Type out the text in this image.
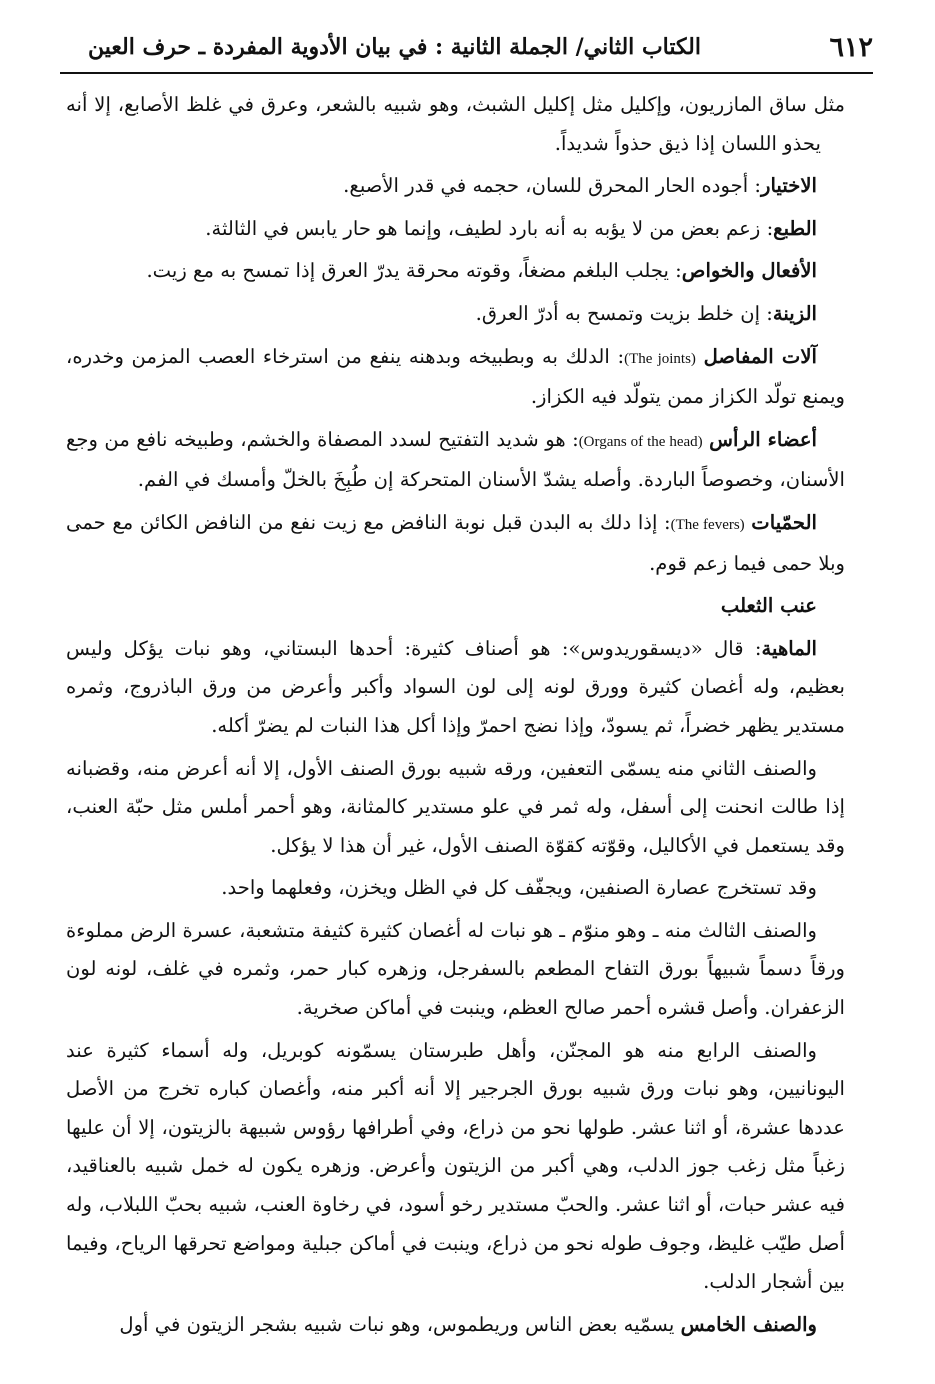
٦١٢
الكتاب الثاني/ الجملة الثانية : في بيان الأدوية المفردة ـ حرف العين

مثل ساق المازريون، وإكليل مثل إكليل الشبث، وهو شبيه بالشعر، وعرق في غلظ الأصابع، إلا أنه يحذو اللسان إذا ذيق حذواً شديداً.

الاختيار: أجوده الحار المحرق للسان، حجمه في قدر الأصبع.

الطبع: زعم بعض من لا يؤبه به أنه بارد لطيف، وإنما هو حار يابس في الثالثة.

الأفعال والخواص: يجلب البلغم مضغاً، وقوته محرقة يدرّ العرق إذا تمسح به مع زيت.

الزينة: إن خلط بزيت وتمسح به أدرّ العرق.

آلات المفاصل (The joints): الدلك به وبطبيخه وبدهنه ينفع من استرخاء العصب المزمن وخدره، ويمنع تولّد الكزاز ممن يتولّد فيه الكزاز.

أعضاء الرأس (Organs of the head): هو شديد التفتيح لسدد المصفاة والخشم، وطبيخه نافع من وجع الأسنان، وخصوصاً الباردة. وأصله يشدّ الأسنان المتحركة إن طُبِخَ بالخلّ وأمسك في الفم.

الحمّيات (The fevers): إذا دلك به البدن قبل نوبة النافض مع زيت نفع من النافض الكائن مع حمى وبلا حمى فيما زعم قوم.

عنب الثعلب

الماهية: قال «ديسقوريدوس»: هو أصناف كثيرة: أحدها البستاني، وهو نبات يؤكل وليس بعظيم، وله أغصان كثيرة وورق لونه إلى لون السواد وأكبر وأعرض من ورق الباذروج، وثمره مستدير يظهر خضراً، ثم يسودّ، وإذا نضج احمرّ وإذا أكل هذا النبات لم يضرّ أكله.

والصنف الثاني منه يسمّى التعفين، ورقه شبيه بورق الصنف الأول، إلا أنه أعرض منه، وقضبانه إذا طالت انحنت إلى أسفل، وله ثمر في علو مستدير كالمثانة، وهو أحمر أملس مثل حبّة العنب، وقد يستعمل في الأكاليل، وقوّته كقوّة الصنف الأول، غير أن هذا لا يؤكل.

وقد تستخرج عصارة الصنفين، ويجفّف كل في الظل ويخزن، وفعلهما واحد.

والصنف الثالث منه ـ وهو منوّم ـ هو نبات له أغصان كثيرة كثيفة متشعبة، عسرة الرض مملوءة ورقاً دسماً شبيهاً بورق التفاح المطعم بالسفرجل، وزهره كبار حمر، وثمره في غلف، لونه لون الزعفران. وأصل قشره أحمر صالح العظم، وينبت في أماكن صخرية.

والصنف الرابع منه هو المجنّن، وأهل طبرستان يسمّونه كوبريل، وله أسماء كثيرة عند اليونانيين، وهو نبات ورق شبيه بورق الجرجير إلا أنه أكبر منه، وأغصان كباره تخرج من الأصل عددها عشرة، أو اثنا عشر. طولها نحو من ذراع، وفي أطرافها رؤوس شبيهة بالزيتون، إلا أن عليها زغباً مثل زغب جوز الدلب، وهي أكبر من الزيتون وأعرض. وزهره يكون له خمل شبيه بالعناقيد، فيه عشر حبات، أو اثنا عشر. والحبّ مستدير رخو أسود، في رخاوة العنب، شبيه بحبّ اللبلاب، وله أصل طيّب غليظ، وجوف طوله نحو من ذراع، وينبت في أماكن جبلية ومواضع تحرقها الرياح، وفيما بين أشجار الدلب.

والصنف الخامس يسمّيه بعض الناس وريطموس، وهو نبات شبيه بشجر الزيتون في أول
